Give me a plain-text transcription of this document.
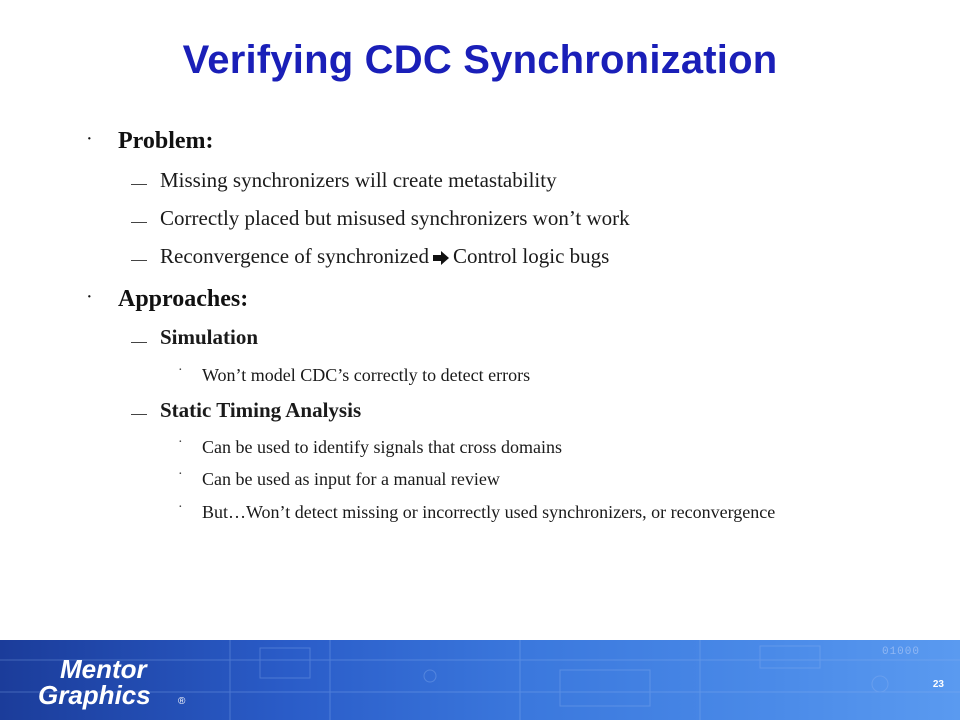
Verifying CDC Synchronization
· Problem:
Missing synchronizers will create metastability
Correctly placed but misused synchronizers won’t work
Reconvergence of synchronized Control logic bugs
· Approaches:
Simulation
· Won’t model CDC’s correctly to detect errors
Static Timing Analysis
· Can be used to identify signals that cross domains
· Can be used as input for a manual review
· But…Won’t detect missing or incorrectly used synchronizers, or reconvergence
01000
Mentor
Graphics	®
23
